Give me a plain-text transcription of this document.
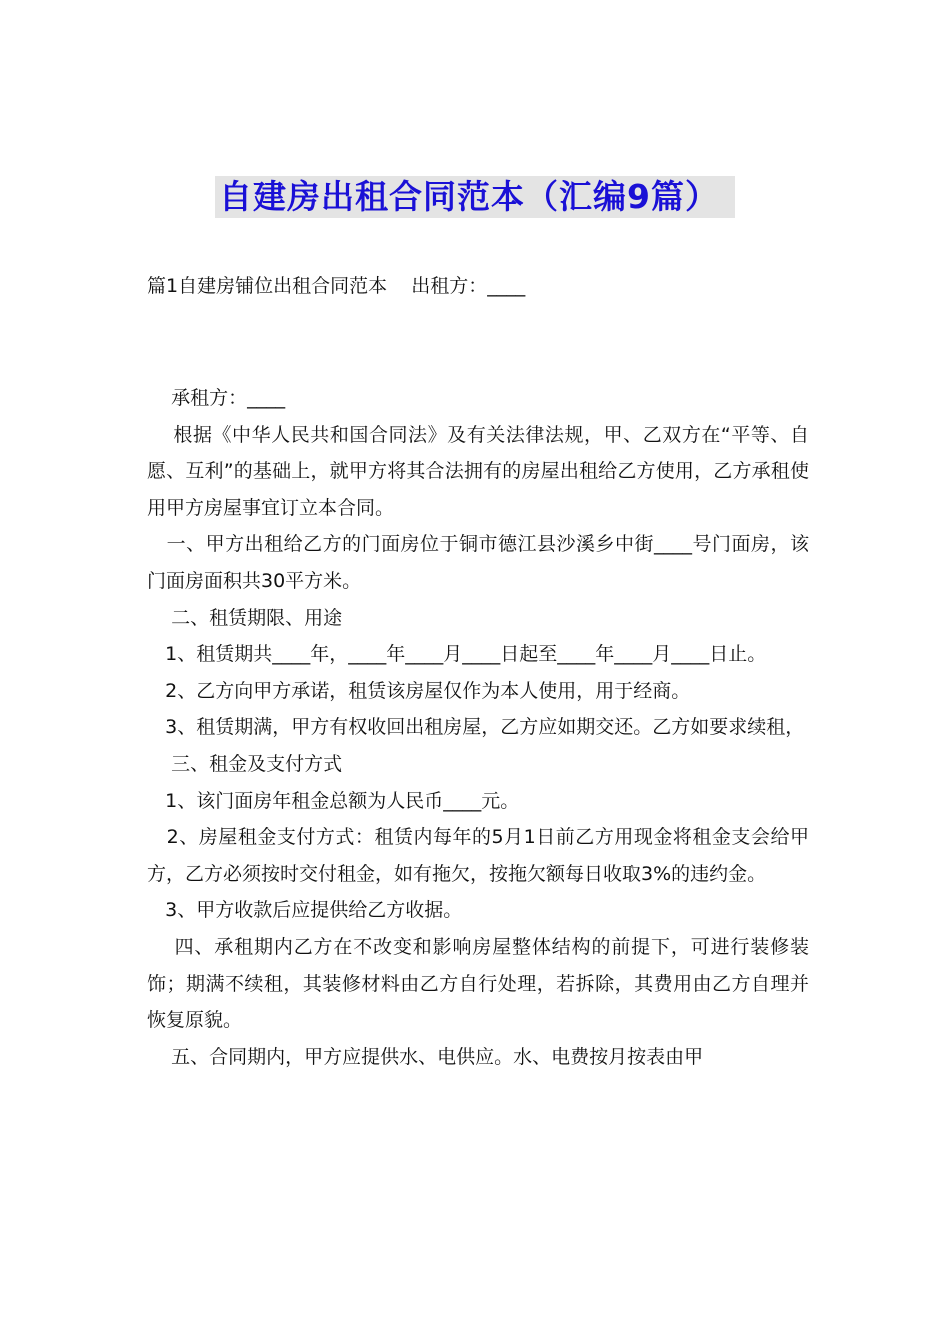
自建房出租合同范本（汇编9篇）
篇1自建房铺位出租合同范本    出租方：____

承租方：____

根据《中华人民共和国合同法》及有关法律法规，甲、乙双方在“平等、自愿、互利”的基础上，就甲方将其合法拥有的房屋出租给乙方使用，乙方承租使用甲方房屋事宜订立本合同。

一、甲方出租给乙方的门面房位于铜市德江县沙溪乡中街____号门面房，该门面房面积共30平方米。

二、租赁期限、用途

1、租赁期共____年，____年____月____日起至____年____月____日止。

2、乙方向甲方承诺，租赁该房屋仅作为本人使用，用于经商。

3、租赁期满，甲方有权收回出租房屋，乙方应如期交还。乙方如要求续租，

三、租金及支付方式

1、该门面房年租金总额为人民币____元。

2、房屋租金支付方式：租赁内每年的5月1日前乙方用现金将租金支会给甲方，乙方必须按时交付租金，如有拖欠，按拖欠额每日收取3%的违约金。

3、甲方收款后应提供给乙方收据。

四、承租期内乙方在不改变和影响房屋整体结构的前提下，可进行装修装饰；期满不续租，其装修材料由乙方自行处理，若拆除，其费用由乙方自理并恢复原貌。

五、合同期内，甲方应提供水、电供应。水、电费按月按表由甲
